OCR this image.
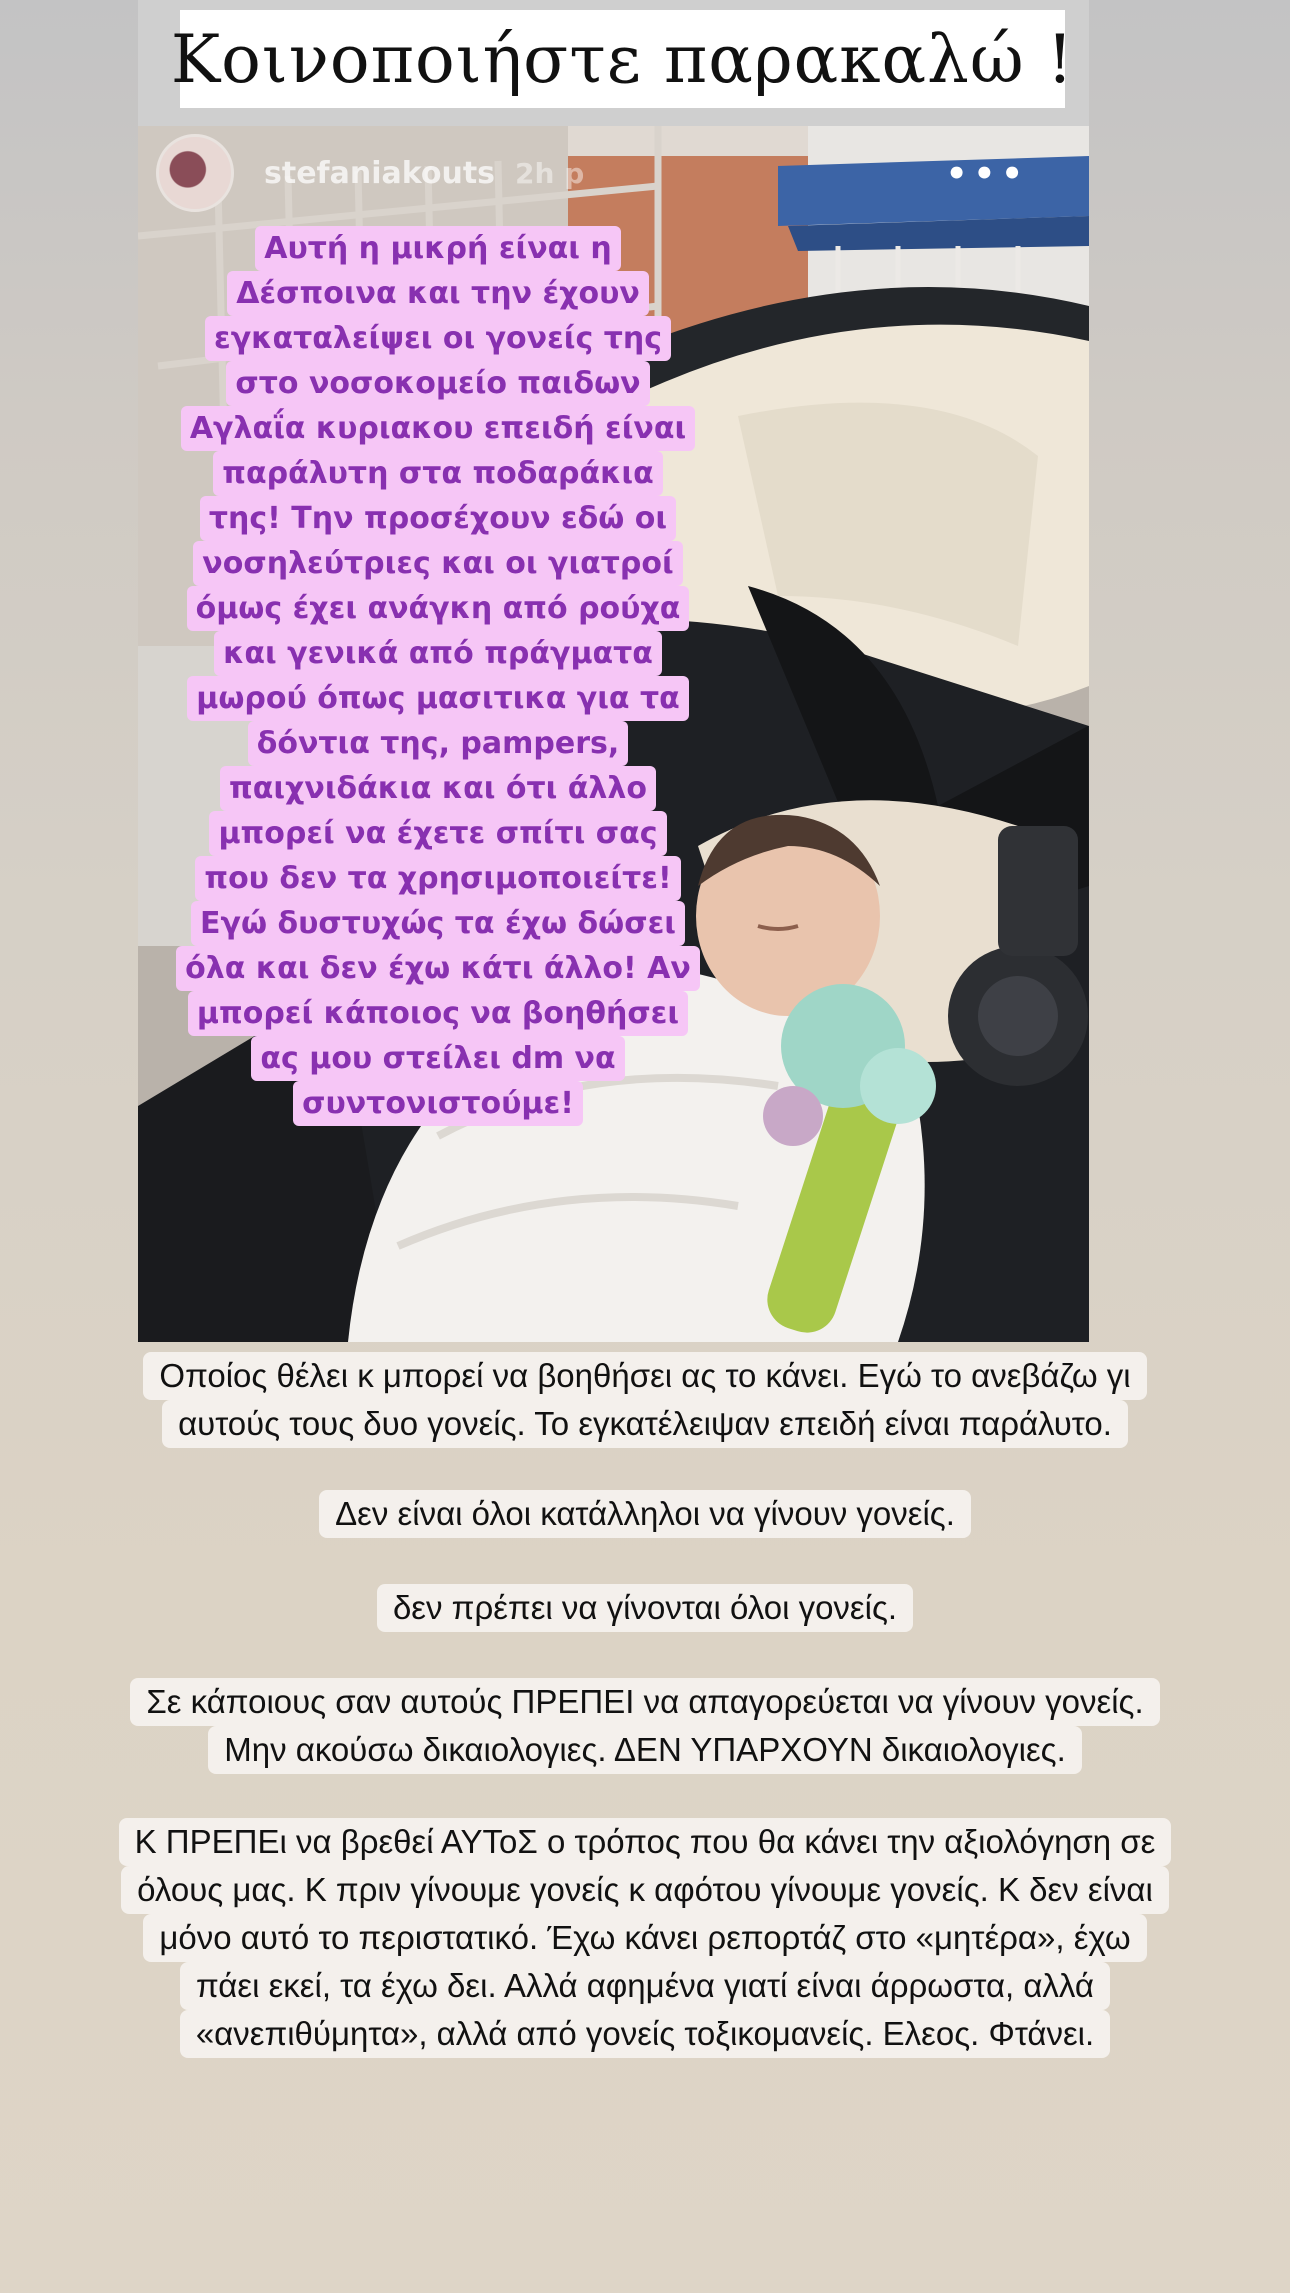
Κοινοποιήστε παρακαλώ !
stefaniakouts 2h p	•••
Αυτή η μικρή είναι η
Δέσποινα και την έχουν
εγκαταλείψει οι γονείς της
στο νοσοκομείο παιδων
Αγλαΐα κυριακου επειδή είναι
παράλυτη στα ποδαράκια
της! Την προσέχουν εδώ οι
νοσηλεύτριες και οι γιατροί
όμως έχει ανάγκη από ρούχα
και γενικά από πράγματα
μωρού όπως μασιτικα για τα
δόντια της, pampers,
παιχνιδάκια και ότι άλλο
μπορεί να έχετε σπίτι σας
που δεν τα χρησιμοποιείτε!
Εγώ δυστυχώς τα έχω δώσει
όλα και δεν έχω κάτι άλλο! Αν
μπορεί κάποιος να βοηθήσει
ας μου στείλει dm να
συντονιστούμε!

Οποίος θέλει κ μπορεί να βοηθήσει ας το κάνει. Εγώ το ανεβάζω γι
αυτούς τους δυο γονείς. Το εγκατέλειψαν επειδή είναι παράλυτο.

Δεν είναι όλοι κατάλληλοι να γίνουν γονείς.

δεν πρέπει να γίνονται όλοι γονείς.

Σε κάποιους σαν αυτούς ΠΡΕΠΕΙ να απαγορεύεται να γίνουν γονείς.
Μην ακούσω δικαιολογιες. ΔΕΝ ΥΠΑΡΧΟΥΝ δικαιολογιες.

Κ ΠΡΕΠΕι να βρεθεί ΑΥΤοΣ ο τρόπος που θα κάνει την αξιολόγηση σε
όλους μας. Κ πριν γίνουμε γονείς κ αφότου γίνουμε γονείς. Κ δεν είναι
μόνο αυτό το περιστατικό. Έχω κάνει ρεπορτάζ στο «μητέρα», έχω
πάει εκεί, τα έχω δει. Αλλά αφημένα γιατί είναι άρρωστα, αλλά
«ανεπιθύμητα», αλλά από γονείς τοξικομανείς. Ελεος. Φτάνει.
